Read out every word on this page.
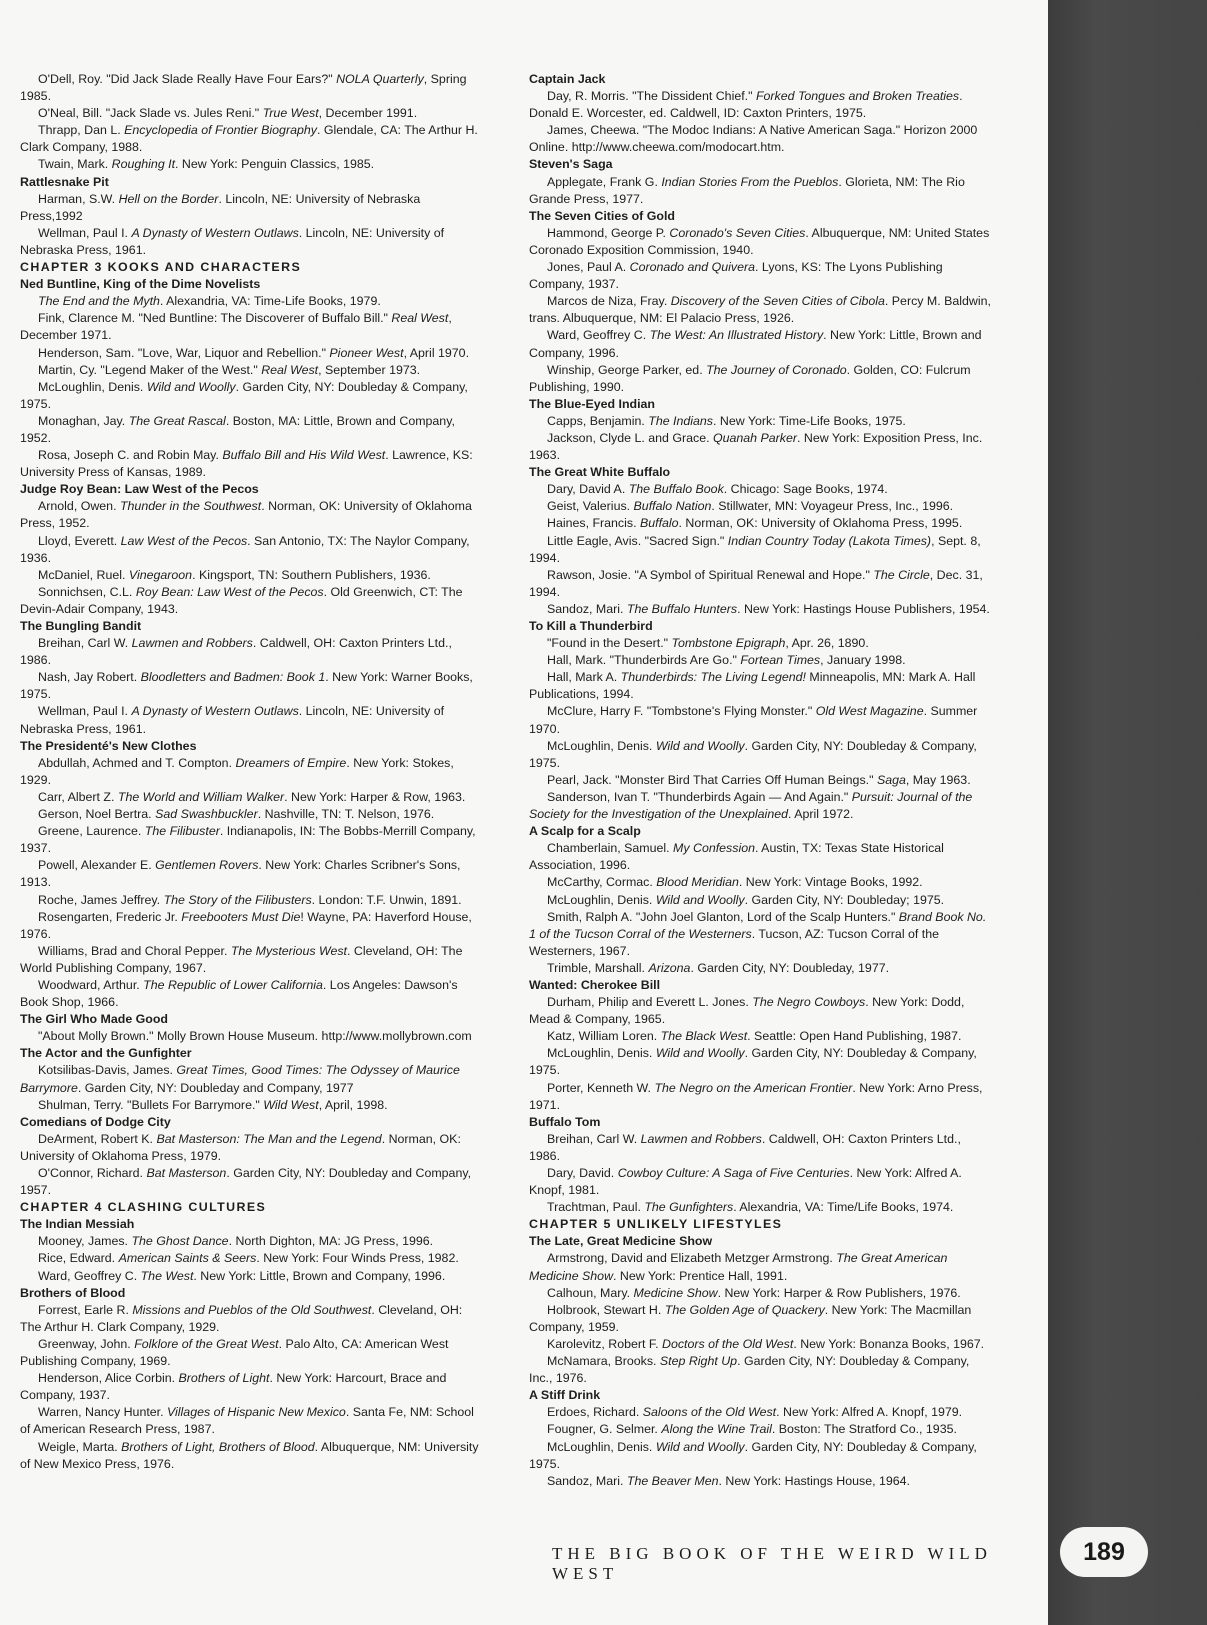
O'Dell, Roy. "Did Jack Slade Really Have Four Ears?" NOLA Quarterly, Spring 1985.
O'Neal, Bill. "Jack Slade vs. Jules Reni." True West, December 1991.
Thrapp, Dan L. Encyclopedia of Frontier Biography. Glendale, CA: The Arthur H. Clark Company, 1988.
Twain, Mark. Roughing It. New York: Penguin Classics, 1985.
Rattlesnake Pit
Harman, S.W. Hell on the Border. Lincoln, NE: University of Nebraska Press,1992
Wellman, Paul I. A Dynasty of Western Outlaws. Lincoln, NE: University of Nebraska Press, 1961.
CHAPTER 3 KOOKS AND CHARACTERS
Ned Buntline, King of the Dime Novelists
The End and the Myth. Alexandria, VA: Time-Life Books, 1979.
Fink, Clarence M. "Ned Buntline: The Discoverer of Buffalo Bill." Real West, December 1971.
Henderson, Sam. "Love, War, Liquor and Rebellion." Pioneer West, April 1970.
Martin, Cy. "Legend Maker of the West." Real West, September 1973.
McLoughlin, Denis. Wild and Woolly. Garden City, NY: Doubleday & Company, 1975.
Monaghan, Jay. The Great Rascal. Boston, MA: Little, Brown and Company, 1952.
Rosa, Joseph C. and Robin May. Buffalo Bill and His Wild West. Lawrence, KS: University Press of Kansas, 1989.
Judge Roy Bean: Law West of the Pecos
Arnold, Owen. Thunder in the Southwest. Norman, OK: University of Oklahoma Press, 1952.
Lloyd, Everett. Law West of the Pecos. San Antonio, TX: The Naylor Company, 1936.
McDaniel, Ruel. Vinegaroon. Kingsport, TN: Southern Publishers, 1936.
Sonnichsen, C.L. Roy Bean: Law West of the Pecos. Old Greenwich, CT: The Devin-Adair Company, 1943.
The Bungling Bandit
Breihan, Carl W. Lawmen and Robbers. Caldwell, OH: Caxton Printers Ltd., 1986.
Nash, Jay Robert. Bloodletters and Badmen: Book 1. New York: Warner Books, 1975.
Wellman, Paul I. A Dynasty of Western Outlaws. Lincoln, NE: University of Nebraska Press, 1961.
The Presidenté's New Clothes
Abdullah, Achmed and T. Compton. Dreamers of Empire. New York: Stokes, 1929.
Carr, Albert Z. The World and William Walker. New York: Harper & Row, 1963.
Gerson, Noel Bertra. Sad Swashbuckler. Nashville, TN: T. Nelson, 1976.
Greene, Laurence. The Filibuster. Indianapolis, IN: The Bobbs-Merrill Company, 1937.
Powell, Alexander E. Gentlemen Rovers. New York: Charles Scribner's Sons, 1913.
Roche, James Jeffrey. The Story of the Filibusters. London: T.F. Unwin, 1891.
Rosengarten, Frederic Jr. Freebooters Must Die! Wayne, PA: Haverford House, 1976.
Williams, Brad and Choral Pepper. The Mysterious West. Cleveland, OH: The World Publishing Company, 1967.
Woodward, Arthur. The Republic of Lower California. Los Angeles: Dawson's Book Shop, 1966.
The Girl Who Made Good
"About Molly Brown." Molly Brown House Museum. http://www.mollybrown.com
The Actor and the Gunfighter
Kotsilibas-Davis, James. Great Times, Good Times: The Odyssey of Maurice Barrymore. Garden City, NY: Doubleday and Company, 1977
Shulman, Terry. "Bullets For Barrymore." Wild West, April, 1998.
Comedians of Dodge City
DeArment, Robert K. Bat Masterson: The Man and the Legend. Norman, OK: University of Oklahoma Press, 1979.
O'Connor, Richard. Bat Masterson. Garden City, NY: Doubleday and Company, 1957.
CHAPTER 4 CLASHING CULTURES
The Indian Messiah
Mooney, James. The Ghost Dance. North Dighton, MA: JG Press, 1996.
Rice, Edward. American Saints & Seers. New York: Four Winds Press, 1982.
Ward, Geoffrey C. The West. New York: Little, Brown and Company, 1996.
Brothers of Blood
Forrest, Earle R. Missions and Pueblos of the Old Southwest. Cleveland, OH: The Arthur H. Clark Company, 1929.
Greenway, John. Folklore of the Great West. Palo Alto, CA: American West Publishing Company, 1969.
Henderson, Alice Corbin. Brothers of Light. New York: Harcourt, Brace and Company, 1937.
Warren, Nancy Hunter. Villages of Hispanic New Mexico. Santa Fe, NM: School of American Research Press, 1987.
Weigle, Marta. Brothers of Light, Brothers of Blood. Albuquerque, NM: University of New Mexico Press, 1976.
Captain Jack
Day, R. Morris. "The Dissident Chief." Forked Tongues and Broken Treaties. Donald E. Worcester, ed. Caldwell, ID: Caxton Printers, 1975.
James, Cheewa. "The Modoc Indians: A Native American Saga." Horizon 2000 Online. http://www.cheewa.com/modocart.htm.
Steven's Saga
Applegate, Frank G. Indian Stories From the Pueblos. Glorieta, NM: The Rio Grande Press, 1977.
The Seven Cities of Gold
Hammond, George P. Coronado's Seven Cities. Albuquerque, NM: United States Coronado Exposition Commission, 1940.
Jones, Paul A. Coronado and Quivera. Lyons, KS: The Lyons Publishing Company, 1937.
Marcos de Niza, Fray. Discovery of the Seven Cities of Cibola. Percy M. Baldwin, trans. Albuquerque, NM: El Palacio Press, 1926.
Ward, Geoffrey C. The West: An Illustrated History. New York: Little, Brown and Company, 1996.
Winship, George Parker, ed. The Journey of Coronado. Golden, CO: Fulcrum Publishing, 1990.
The Blue-Eyed Indian
Capps, Benjamin. The Indians. New York: Time-Life Books, 1975.
Jackson, Clyde L. and Grace. Quanah Parker. New York: Exposition Press, Inc. 1963.
The Great White Buffalo
Dary, David A. The Buffalo Book. Chicago: Sage Books, 1974.
Geist, Valerius. Buffalo Nation. Stillwater, MN: Voyageur Press, Inc., 1996.
Haines, Francis. Buffalo. Norman, OK: University of Oklahoma Press, 1995.
Little Eagle, Avis. "Sacred Sign." Indian Country Today (Lakota Times), Sept. 8, 1994.
Rawson, Josie. "A Symbol of Spiritual Renewal and Hope." The Circle, Dec. 31, 1994.
Sandoz, Mari. The Buffalo Hunters. New York: Hastings House Publishers, 1954.
To Kill a Thunderbird
"Found in the Desert." Tombstone Epigraph, Apr. 26, 1890.
Hall, Mark. "Thunderbirds Are Go." Fortean Times, January 1998.
Hall, Mark A. Thunderbirds: The Living Legend! Minneapolis, MN: Mark A. Hall Publications, 1994.
McClure, Harry F. "Tombstone's Flying Monster." Old West Magazine. Summer 1970.
McLoughlin, Denis. Wild and Woolly. Garden City, NY: Doubleday & Company, 1975.
Pearl, Jack. "Monster Bird That Carries Off Human Beings." Saga, May 1963.
Sanderson, Ivan T. "Thunderbirds Again — And Again." Pursuit: Journal of the Society for the Investigation of the Unexplained. April 1972.
A Scalp for a Scalp
Chamberlain, Samuel. My Confession. Austin, TX: Texas State Historical Association, 1996.
McCarthy, Cormac. Blood Meridian. New York: Vintage Books, 1992.
McLoughlin, Denis. Wild and Woolly. Garden City, NY: Doubleday; 1975.
Smith, Ralph A. "John Joel Glanton, Lord of the Scalp Hunters." Brand Book No. 1 of the Tucson Corral of the Westerners. Tucson, AZ: Tucson Corral of the Westerners, 1967.
Trimble, Marshall. Arizona. Garden City, NY: Doubleday, 1977.
Wanted: Cherokee Bill
Durham, Philip and Everett L. Jones. The Negro Cowboys. New York: Dodd, Mead & Company, 1965.
Katz, William Loren. The Black West. Seattle: Open Hand Publishing, 1987.
McLoughlin, Denis. Wild and Woolly. Garden City, NY: Doubleday & Company, 1975.
Porter, Kenneth W. The Negro on the American Frontier. New York: Arno Press, 1971.
Buffalo Tom
Breihan, Carl W. Lawmen and Robbers. Caldwell, OH: Caxton Printers Ltd., 1986.
Dary, David. Cowboy Culture: A Saga of Five Centuries. New York: Alfred A. Knopf, 1981.
Trachtman, Paul. The Gunfighters. Alexandria, VA: Time/Life Books, 1974.
CHAPTER 5 UNLIKELY LIFESTYLES
The Late, Great Medicine Show
Armstrong, David and Elizabeth Metzger Armstrong. The Great American Medicine Show. New York: Prentice Hall, 1991.
Calhoun, Mary. Medicine Show. New York: Harper & Row Publishers, 1976.
Holbrook, Stewart H. The Golden Age of Quackery. New York: The Macmillan Company, 1959.
Karolevitz, Robert F. Doctors of the Old West. New York: Bonanza Books, 1967.
McNamara, Brooks. Step Right Up. Garden City, NY: Doubleday & Company, Inc., 1976.
A Stiff Drink
Erdoes, Richard. Saloons of the Old West. New York: Alfred A. Knopf, 1979.
Fougner, G. Selmer. Along the Wine Trail. Boston: The Stratford Co., 1935.
McLoughlin, Denis. Wild and Woolly. Garden City, NY: Doubleday & Company, 1975.
Sandoz, Mari. The Beaver Men. New York: Hastings House, 1964.
THE BIG BOOK OF THE WEIRD WILD WEST
189
